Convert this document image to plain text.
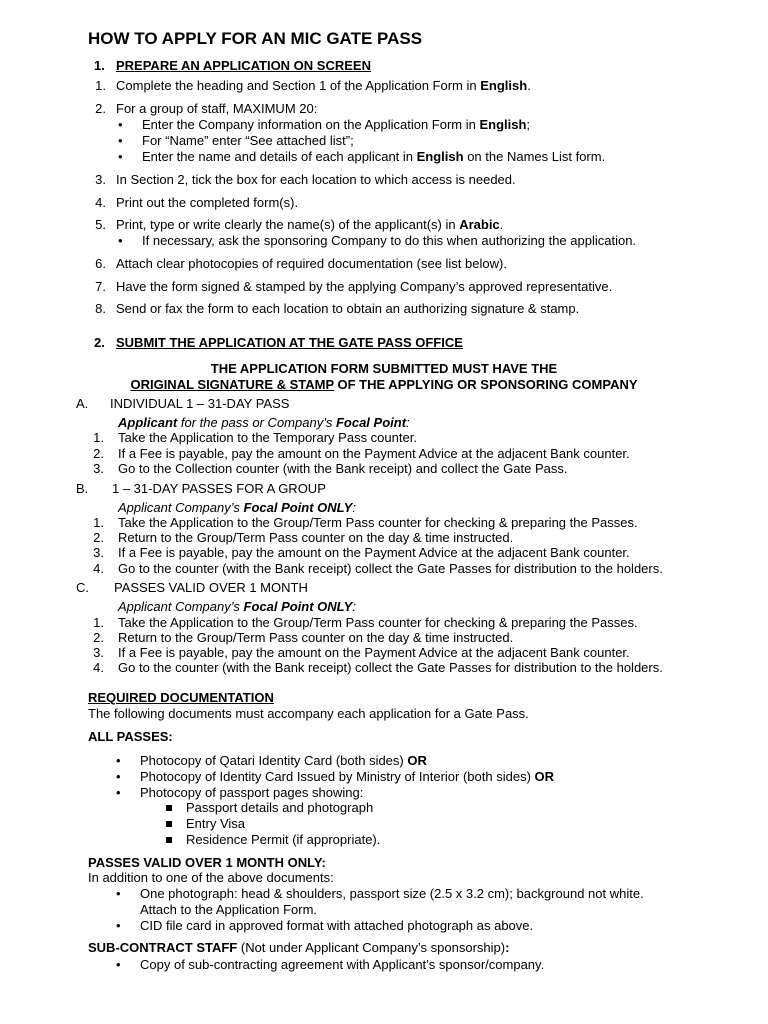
HOW TO APPLY FOR AN MIC GATE PASS
1. PREPARE AN APPLICATION ON SCREEN
1. Complete the heading and Section 1 of the Application Form in English.
2. For a group of staff, MAXIMUM 20:
• Enter the Company information on the Application Form in English;
• For “Name” enter “See attached list”;
• Enter the name and details of each applicant in English on the Names List form.
3. In Section 2, tick the box for each location to which access is needed.
4. Print out the completed form(s).
5. Print, type or write clearly the name(s) of the applicant(s) in Arabic.
• If necessary, ask the sponsoring Company to do this when authorizing the application.
6. Attach clear photocopies of required documentation (see list below).
7. Have the form signed & stamped by the applying Company’s approved representative.
8. Send or fax the form to each location to obtain an authorizing signature & stamp.
2. SUBMIT THE APPLICATION AT THE GATE PASS OFFICE
THE APPLICATION FORM SUBMITTED MUST HAVE THE
ORIGINAL SIGNATURE & STAMP OF THE APPLYING OR SPONSORING COMPANY
A. INDIVIDUAL 1 – 31-DAY PASS
Applicant for the pass or Company’s Focal Point:
1. Take the Application to the Temporary Pass counter.
2. If a Fee is payable, pay the amount on the Payment Advice at the adjacent Bank counter.
3. Go to the Collection counter (with the Bank receipt) and collect the Gate Pass.
B. 1 – 31-DAY PASSES FOR A GROUP
Applicant Company’s Focal Point ONLY:
1. Take the Application to the Group/Term Pass counter for checking & preparing the Passes.
2. Return to the Group/Term Pass counter on the day & time instructed.
3. If a Fee is payable, pay the amount on the Payment Advice at the adjacent Bank counter.
4. Go to the counter (with the Bank receipt) collect the Gate Passes for distribution to the holders.
C. PASSES VALID OVER 1 MONTH
Applicant Company’s Focal Point ONLY:
1. Take the Application to the Group/Term Pass counter for checking & preparing the Passes.
2. Return to the Group/Term Pass counter on the day & time instructed.
3. If a Fee is payable, pay the amount on the Payment Advice at the adjacent Bank counter.
4. Go to the counter (with the Bank receipt) collect the Gate Passes for distribution to the holders.
REQUIRED DOCUMENTATION
The following documents must accompany each application for a Gate Pass.
ALL PASSES:
• Photocopy of Qatari Identity Card (both sides) OR
• Photocopy of Identity Card Issued by Ministry of Interior (both sides) OR
• Photocopy of passport pages showing:
Passport details and photograph
Entry Visa
Residence Permit (if appropriate).
PASSES VALID OVER 1 MONTH ONLY:
In addition to one of the above documents:
• One photograph: head & shoulders, passport size (2.5 x 3.2 cm); background not white.
Attach to the Application Form.
• CID file card in approved format with attached photograph as above.
SUB-CONTRACT STAFF (Not under Applicant Company’s sponsorship):
• Copy of sub-contracting agreement with Applicant’s sponsor/company.
